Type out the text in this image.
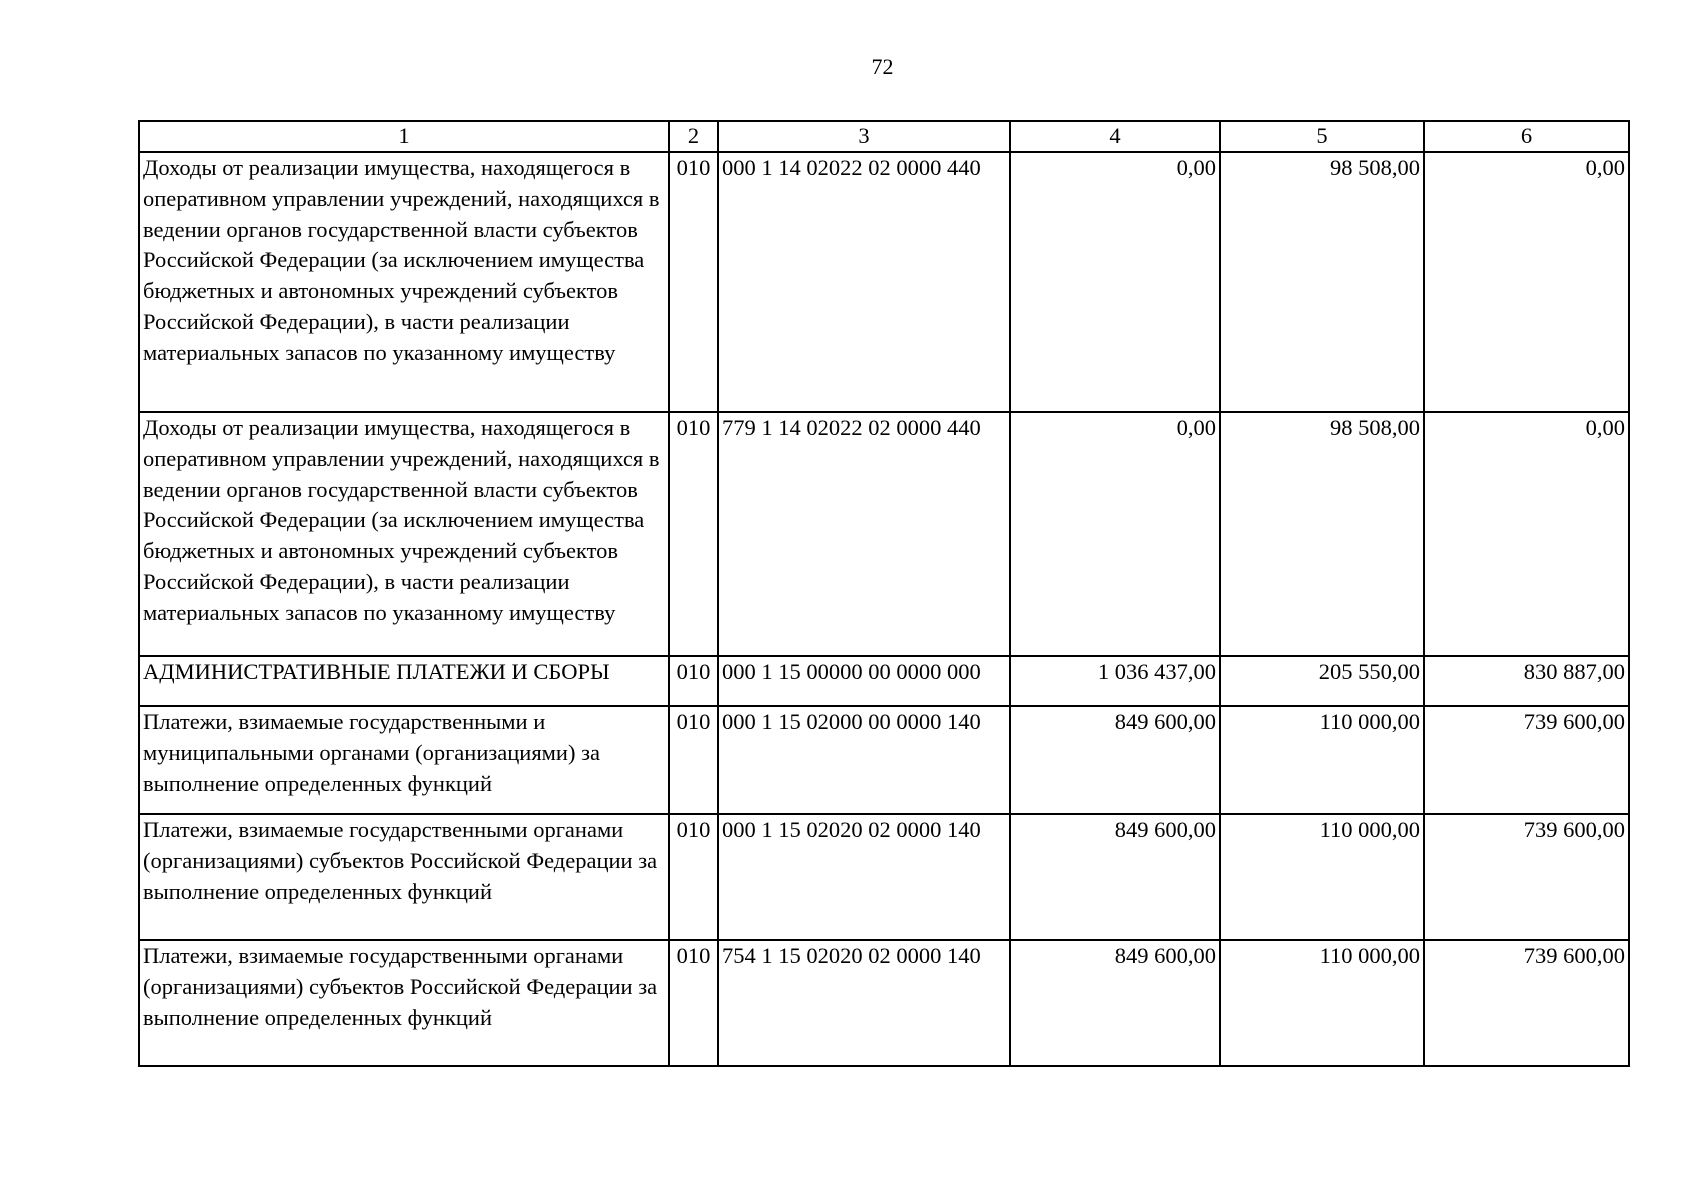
72
1	2	3	4	5	6
Доходы от реализации имущества, находящегося в оперативном управлении учреждений, находящихся в ведении органов государственной власти субъектов Российской Федерации (за исключением имущества бюджетных и автономных учреждений субъектов Российской Федерации), в части реализации материальных запасов по указанному имуществу	010	000 1 14 02022 02 0000 440	0,00	98 508,00	0,00
Доходы от реализации имущества, находящегося в оперативном управлении учреждений, находящихся в ведении органов государственной власти субъектов Российской Федерации (за исключением имущества бюджетных и автономных учреждений субъектов Российской Федерации), в части реализации материальных запасов по указанному имуществу	010	779 1 14 02022 02 0000 440	0,00	98 508,00	0,00
АДМИНИСТРАТИВНЫЕ ПЛАТЕЖИ И СБОРЫ	010	000 1 15 00000 00 0000 000	1 036 437,00	205 550,00	830 887,00
Платежи, взимаемые государственными и муниципальными органами (организациями) за выполнение определенных функций	010	000 1 15 02000 00 0000 140	849 600,00	110 000,00	739 600,00
Платежи, взимаемые государственными органами (организациями) субъектов Российской Федерации за выполнение определенных функций	010	000 1 15 02020 02 0000 140	849 600,00	110 000,00	739 600,00
Платежи, взимаемые государственными органами (организациями) субъектов Российской Федерации за выполнение определенных функций	010	754 1 15 02020 02 0000 140	849 600,00	110 000,00	739 600,00
